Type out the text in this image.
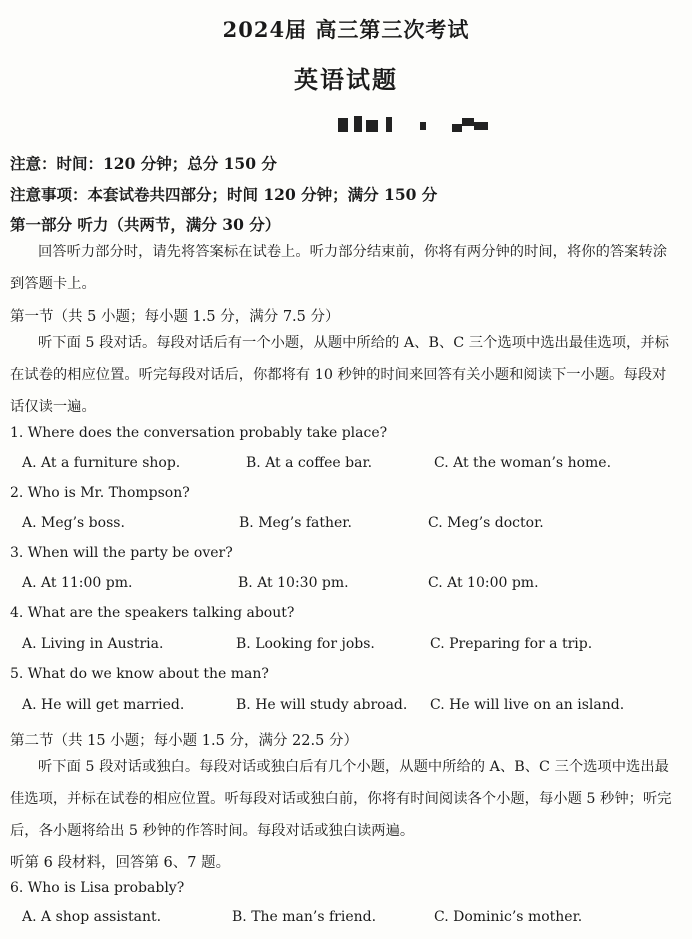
2024届 高三第三次考试
英语试题
注意：时间：120 分钟；总分 150 分
注意事项：本套试卷共四部分；时间 120 分钟；满分 150 分
第一部分 听力（共两节，满分 30 分）
回答听力部分时，请先将答案标在试卷上。听力部分结束前，你将有两分钟的时间，将你的答案转涂到答题卡上。
第一节（共 5 小题；每小题 1.5 分，满分 7.5 分）
听下面 5 段对话。每段对话后有一个小题，从题中所给的 A、B、C 三个选项中选出最佳选项，并标在试卷的相应位置。听完每段对话后，你都将有 10 秒钟的时间来回答有关小题和阅读下一小题。每段对话仅读一遍。
1. Where does the conversation probably take place?
A. At a furniture shop.	B. At a coffee bar.	C. At the woman’s home.
2. Who is Mr. Thompson?
A. Meg’s boss.	B. Meg’s father.	C. Meg’s doctor.
3. When will the party be over?
A. At 11:00 pm.	B. At 10:30 pm.	C. At 10:00 pm.
4. What are the speakers talking about?
A. Living in Austria.	B. Looking for jobs.	C. Preparing for a trip.
5. What do we know about the man?
A. He will get married.	B. He will study abroad. C. He will live on an island.
第二节（共 15 小题；每小题 1.5 分，满分 22.5 分）
听下面 5 段对话或独白。每段对话或独白后有几个小题，从题中所给的 A、B、C 三个选项中选出最佳选项，并标在试卷的相应位置。听每段对话或独白前，你将有时间阅读各个小题，每小题 5 秒钟；听完后，各小题将给出 5 秒钟的作答时间。每段对话或独白读两遍。
听第 6 段材料，回答第 6、7 题。
6. Who is Lisa probably?
A. A shop assistant.	B. The man’s friend.	C. Dominic’s mother.
